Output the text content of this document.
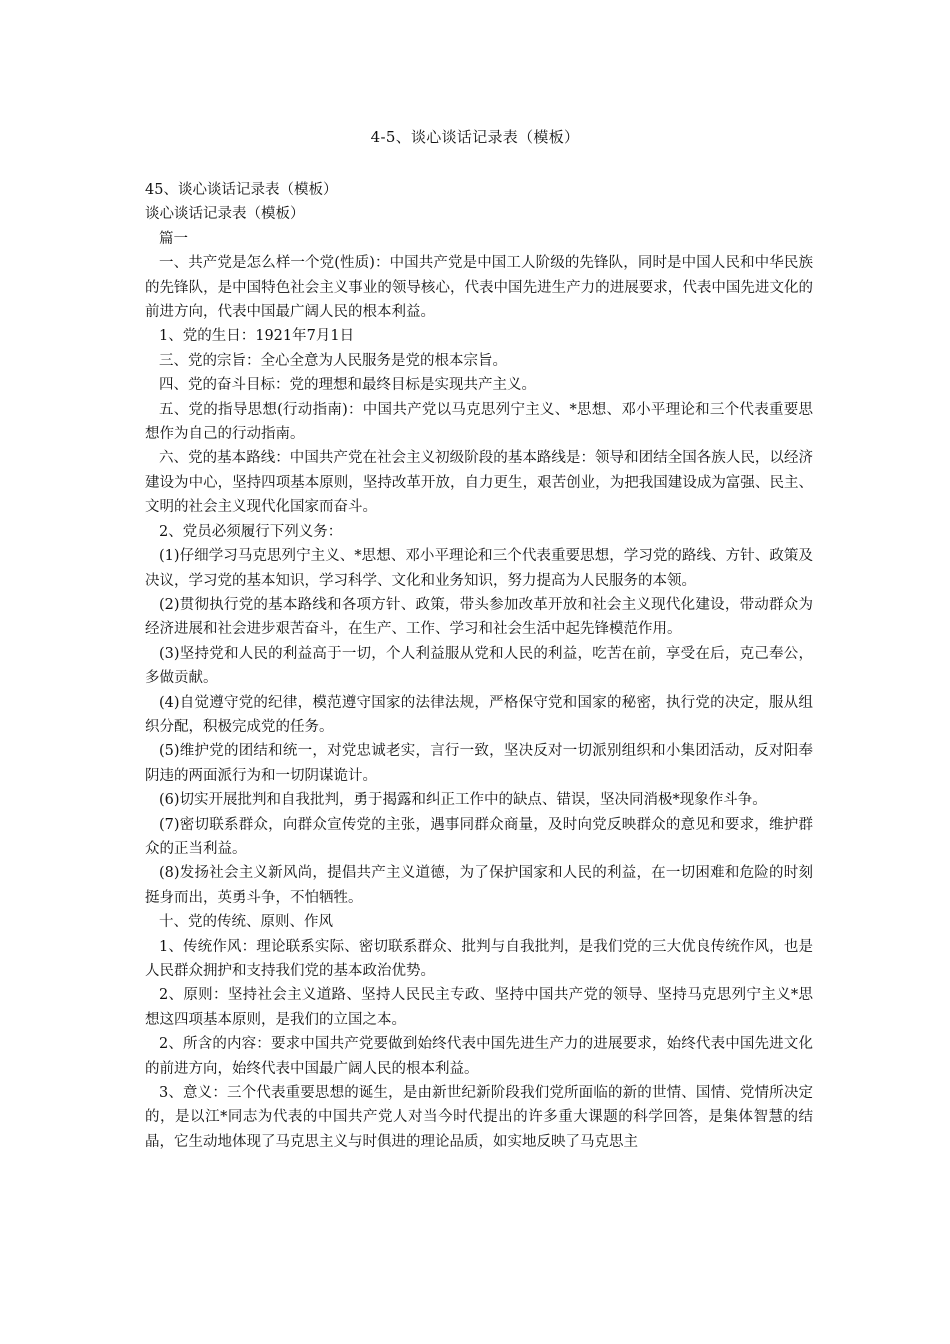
4-5、谈心谈话记录表（模板）

45、谈心谈话记录表（模板）

谈心谈话记录表（模板）

篇一

一、共产党是怎么样一个党(性质)：中国共产党是中国工人阶级的先锋队，同时是中国人民和中华民族的先锋队，是中国特色社会主义事业的领导核心，代表中国先进生产力的进展要求，代表中国先进文化的前进方向，代表中国最广阔人民的根本利益。

1、党的生日：1921年7月1日

三、党的宗旨：全心全意为人民服务是党的根本宗旨。

四、党的奋斗目标：党的理想和最终目标是实现共产主义。

五、党的指导思想(行动指南)：中国共产党以马克思列宁主义、*思想、邓小平理论和三个代表重要思想作为自己的行动指南。

六、党的基本路线：中国共产党在社会主义初级阶段的基本路线是：领导和团结全国各族人民，以经济建设为中心，坚持四项基本原则，坚持改革开放，自力更生，艰苦创业，为把我国建设成为富强、民主、文明的社会主义现代化国家而奋斗。

2、党员必须履行下列义务：

(1)仔细学习马克思列宁主义、*思想、邓小平理论和三个代表重要思想，学习党的路线、方针、政策及决议，学习党的基本知识，学习科学、文化和业务知识，努力提高为人民服务的本领。

(2)贯彻执行党的基本路线和各项方针、政策，带头参加改革开放和社会主义现代化建设，带动群众为经济进展和社会进步艰苦奋斗，在生产、工作、学习和社会生活中起先锋模范作用。

(3)坚持党和人民的利益高于一切，个人利益服从党和人民的利益，吃苦在前，享受在后，克己奉公，多做贡献。

(4)自觉遵守党的纪律，模范遵守国家的法律法规，严格保守党和国家的秘密，执行党的决定，服从组织分配，积极完成党的任务。

(5)维护党的团结和统一，对党忠诚老实，言行一致，坚决反对一切派别组织和小集团活动，反对阳奉阴违的两面派行为和一切阴谋诡计。

(6)切实开展批判和自我批判，勇于揭露和纠正工作中的缺点、错误，坚决同消极*现象作斗争。

(7)密切联系群众，向群众宣传党的主张，遇事同群众商量，及时向党反映群众的意见和要求，维护群众的正当利益。

(8)发扬社会主义新风尚，提倡共产主义道德，为了保护国家和人民的利益，在一切困难和危险的时刻挺身而出，英勇斗争，不怕牺牲。

十、党的传统、原则、作风

1、传统作风：理论联系实际、密切联系群众、批判与自我批判，是我们党的三大优良传统作风，也是人民群众拥护和支持我们党的基本政治优势。

2、原则：坚持社会主义道路、坚持人民民主专政、坚持中国共产党的领导、坚持马克思列宁主义*思想这四项基本原则，是我们的立国之本。

2、所含的内容：要求中国共产党要做到始终代表中国先进生产力的进展要求，始终代表中国先进文化的前进方向，始终代表中国最广阔人民的根本利益。

3、意义：三个代表重要思想的诞生，是由新世纪新阶段我们党所面临的新的世情、国情、党情所决定的，是以江*同志为代表的中国共产党人对当今时代提出的许多重大课题的科学回答，是集体智慧的结晶，它生动地体现了马克思主义与时俱进的理论品质，如实地反映了马克思主
